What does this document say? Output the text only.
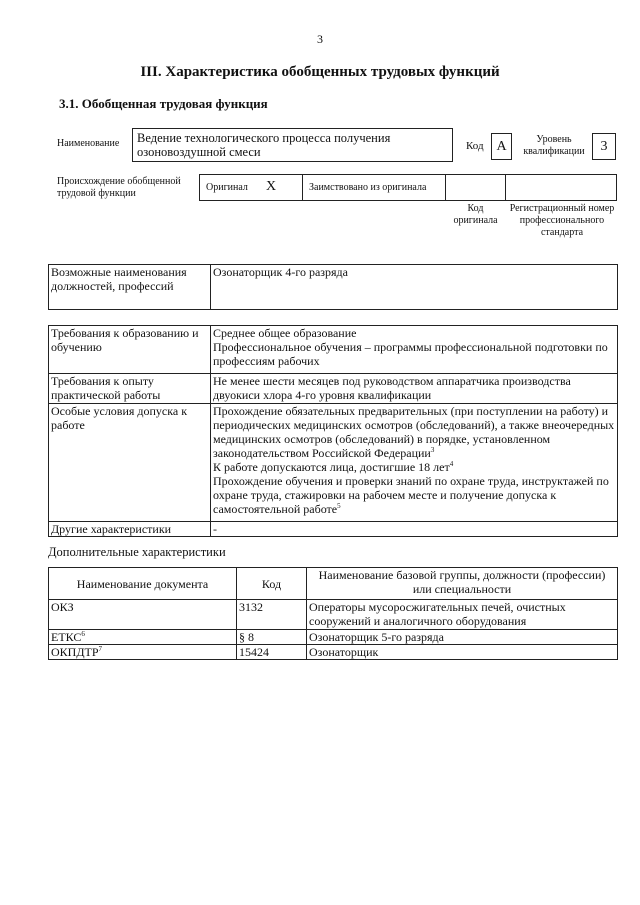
3
III. Характеристика обобщенных трудовых функций
3.1. Обобщенная трудовая функция
Наименование Ведение технологического процесса получения озоновоздушной смеси	Код А	Уровень квалификации	3
Происхождение обобщенной трудовой функции
Оригинал X	Заимствовано из оригинала
Код оригинала
Регистрационный номер профессионального стандарта
Возможные наименования должностей, профессий	Озонаторщик 4-го разряда
Требования к образованию и обучению	Среднее общее образование
Профессиональное обучения – программы профессиональной подготовки по профессиям рабочих

Требования к опыту практической работы	Не менее шести месяцев под руководством аппаратчика производства двуокиси хлора 4-го уровня квалификации
Особые условия допуска к работе	Прохождение обязательных предварительных (при поступлении на работу) и периодических медицинских осмотров (обследований), а также внеочередных медицинских осмотров (обследований) в порядке, установленном законодательством Российской Федерации$^3$
К работе допускаются лица, достигшие 18 лет$^4$
Прохождение обучения и проверки знаний по охране труда, инструктажей по охране труда, стажировки на рабочем месте и получение допуска к самостоятельной работе$^5$

Другие характеристики	-
Дополнительные характеристики
Наименование документа	Код	Наименование базовой группы, должности (профессии) или специальности
ОКЗ	3132	Операторы мусоросжигательных печей, очистных сооружений и аналогичного оборудования
ЕТКС$^6$	§ 8	Озонаторщик 5-го разряда
ОКПДТР$^7$	15424	Озонаторщик
